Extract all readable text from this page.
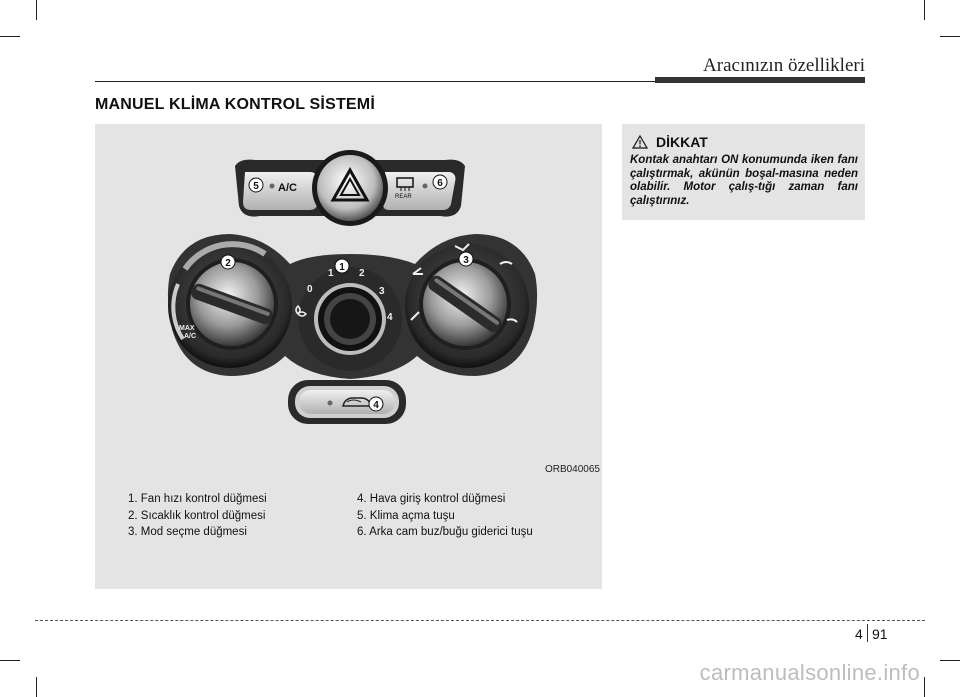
Aracınızın özellikleri
MANUEL KLİMA KONTROL SİSTEMİ
A/C
REAR
MAX
A/C
0
1	2
3
4
1
2	3
4
5	6
ORB040065
1. Fan hızı kontrol düğmesi
2. Sıcaklık kontrol düğmesi
3. Mod seçme düğmesi
4. Hava giriş kontrol düğmesi
5. Klima açma tuşu
6. Arka cam buz/buğu giderici tuşu
DİKKAT
Kontak anahtarı ON konumunda iken fanı çalıştırmak, akünün boşal-masına neden olabilir. Motor çalış-tığı zaman fanı çalıştırınız.
4 91
carmanualsonline.info
